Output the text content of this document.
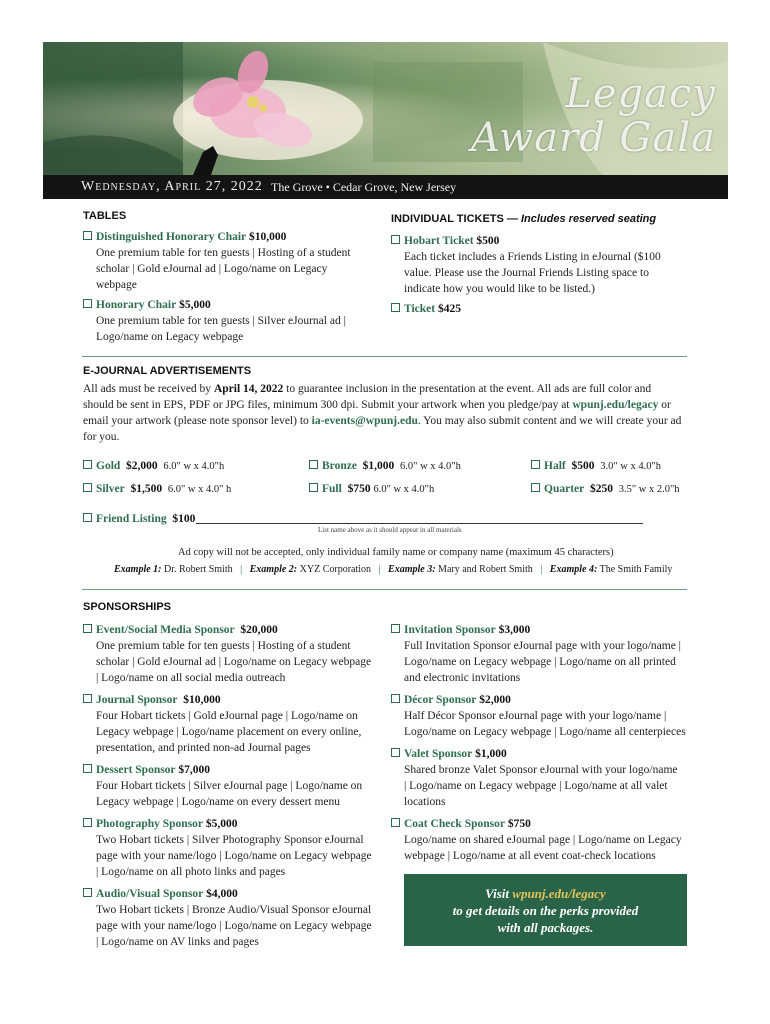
Legacy
Award Gala
Wednesday, April 27, 2022 The Grove • Cedar Grove, New Jersey
TABLES
Distinguished Honorary Chair $10,000
One premium table for ten guests | Hosting of a student
scholar | Gold eJournal ad | Logo/name on Legacy
webpage
Honorary Chair $5,000
One premium table for ten guests | Silver eJournal ad |
Logo/name on Legacy webpage
INDIVIDUAL TICKETS — Includes reserved seating
Hobart Ticket $500
Each ticket includes a Friends Listing in eJournal ($100
value. Please use the Journal Friends Listing space to
indicate how you would like to be listed.)
Ticket $425
E-JOURNAL ADVERTISEMENTS
All ads must be received by April 14, 2022 to guarantee inclusion in the presentation at the event. All ads are full color and
should be sent in EPS, PDF or JPG files, minimum 300 dpi. Submit your artwork when you pledge/pay at wpunj.edu/legacy or
email your artwork (please note sponsor level) to ia-events@wpunj.edu. You may also submit content and we will create your ad
for you.
Gold $2,000 6.0" w x 4.0"h	Bronze $1,000 6.0" w x 4.0"h	Half $500 3.0" w x 4.0"h
Silver $1,500 6.0" w x 4.0" h	Full $750 6.0" w x 4.0"h	Quarter $250 3.5" w x 2.0"h
Friend Listing $100
List name above as it should appear in all materials
Ad copy will not be accepted, only individual family name or company name (maximum 45 characters)
Example 1: Dr. Robert Smith | Example 2: XYZ Corporation | Example 3: Mary and Robert Smith | Example 4: The Smith Family
SPONSORSHIPS
Event/Social Media Sponsor $20,000
One premium table for ten guests | Hosting of a student
scholar | Gold eJournal ad | Logo/name on Legacy webpage
| Logo/name on all social media outreach
Journal Sponsor $10,000
Four Hobart tickets | Gold eJournal page | Logo/name on
Legacy webpage | Logo/name placement on every online,
presentation, and printed non-ad Journal pages
Dessert Sponsor $7,000
Four Hobart tickets | Silver eJournal page | Logo/name on
Legacy webpage | Logo/name on every dessert menu
Photography Sponsor $5,000
Two Hobart tickets | Silver Photography Sponsor eJournal
page with your name/logo | Logo/name on Legacy webpage
| Logo/name on all photo links and pages
Audio/Visual Sponsor $4,000
Two Hobart tickets | Bronze Audio/Visual Sponsor eJournal
page with your name/logo | Logo/name on Legacy webpage
| Logo/name on AV links and pages
Invitation Sponsor $3,000
Full Invitation Sponsor eJournal page with your logo/name |
Logo/name on Legacy webpage | Logo/name on all printed
and electronic invitations
Décor Sponsor $2,000
Half Décor Sponsor eJournal page with your logo/name |
Logo/name on Legacy webpage | Logo/name all centerpieces
Valet Sponsor $1,000
Shared bronze Valet Sponsor eJournal with your logo/name
| Logo/name on Legacy webpage | Logo/name at all valet
locations
Coat Check Sponsor $750
Logo/name on shared eJournal page | Logo/name on Legacy
webpage | Logo/name at all event coat-check locations
Visit wpunj.edu/legacy
to get details on the perks provided
with all packages.
